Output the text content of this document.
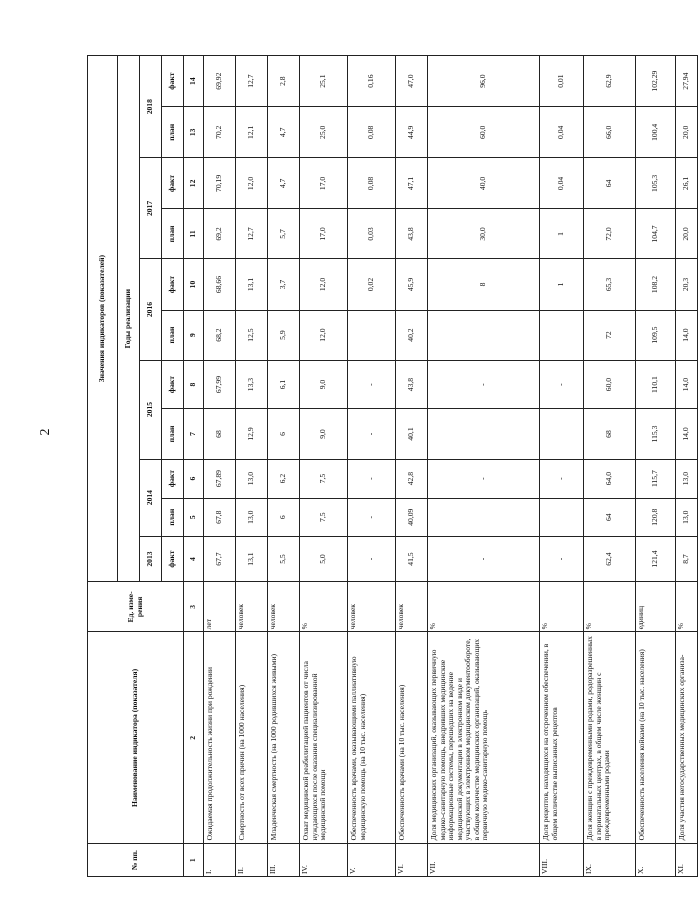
2
№ пп.	Наименование индикатора (показателя)	Ед. изме-рения	Значения индикаторов (показателей)										
			Годы реализации										
			2013	2014		2015		2016		2017		2018	
			факт	план	факт	план	факт	план	факт	план	факт	план	факт
1	2	3	4	5	6	7	8	9	10	11	12	13	14
I.	Ожидаемая продолжительность жизни при рождении	лет	67,7	67,8	67,89	68	67,99	68,2	68,66	69,2	70,19	70,2	69,92
II.	Смертность от всех причин (на 1000 населения)	человек	13,1	13,0	13,0	12,9	13,3	12,5	13,1	12,7	12,0	12,1	12,7
III.	Младенческая смертность (на 1000 родившихся живыми)	человек	5,5	6	6,2	6	6,1	5,9	3,7	5,7	4,7	4,7	2,8
IV.	Охват медицинской реабилитацией пациентов от числа нуждающихся после оказания специализированной медицинской помощи	%	5,0	7,5	7,5	9,0	9,0	12,0	12,0	17,0	17,0	25,0	25,1
V.	Обеспеченность врачами, оказывающими паллиативную медицинскую помощь (на 10 тыс. населения)	человек	-	-	-	-	-		0,02	0,03	0,08	0,08	0,16
VI.	Обеспеченность врачами (на 10 тыс. населения)	человек	41,5	40,09	42,8	40,1	43,8	40,2	45,9	43,8	47,1	44,9	47,0
VII.	Доля медицинских организаций, оказывающих первичную медико-санитарную помощь, внедривших медицинские информационные системы, перешедших на ведение медицинской документации в электронном виде и участвующих в электронном медицинском документообороте, в общем количестве медицинских организаций, оказывающих первичную медико-санитарную помощь	%	-		-		-		8	30,0	40,0	60,0	96,0
VIII.	Доля рецептов, находящихся на отсроченном обеспечении, в общем количестве выписанных рецептов	%	-		-		-		1	1	0,04	0,04	0,01
IX.	Доля женщин с преждевременными родами, родоразрешенных в перинатальных центрах, в общем числе женщин с преждевременными родами	%	62,4	64	64,0	68	60,0	72	65,3	72,0	64	66,0	62,9
X.	Обеспеченность населения койками (на 10 тыс. населения)	единиц	121,4	120,8	115,7	115,3	110,1	109,5	108,2	104,7	105,3	100,4	102,29
XI.	Доля участия негосударственных медицинских организа-	%	8,7	13,0	13,0	14,0	14,0	14,0	20,3	20,0	26,1	20,0	27,94
